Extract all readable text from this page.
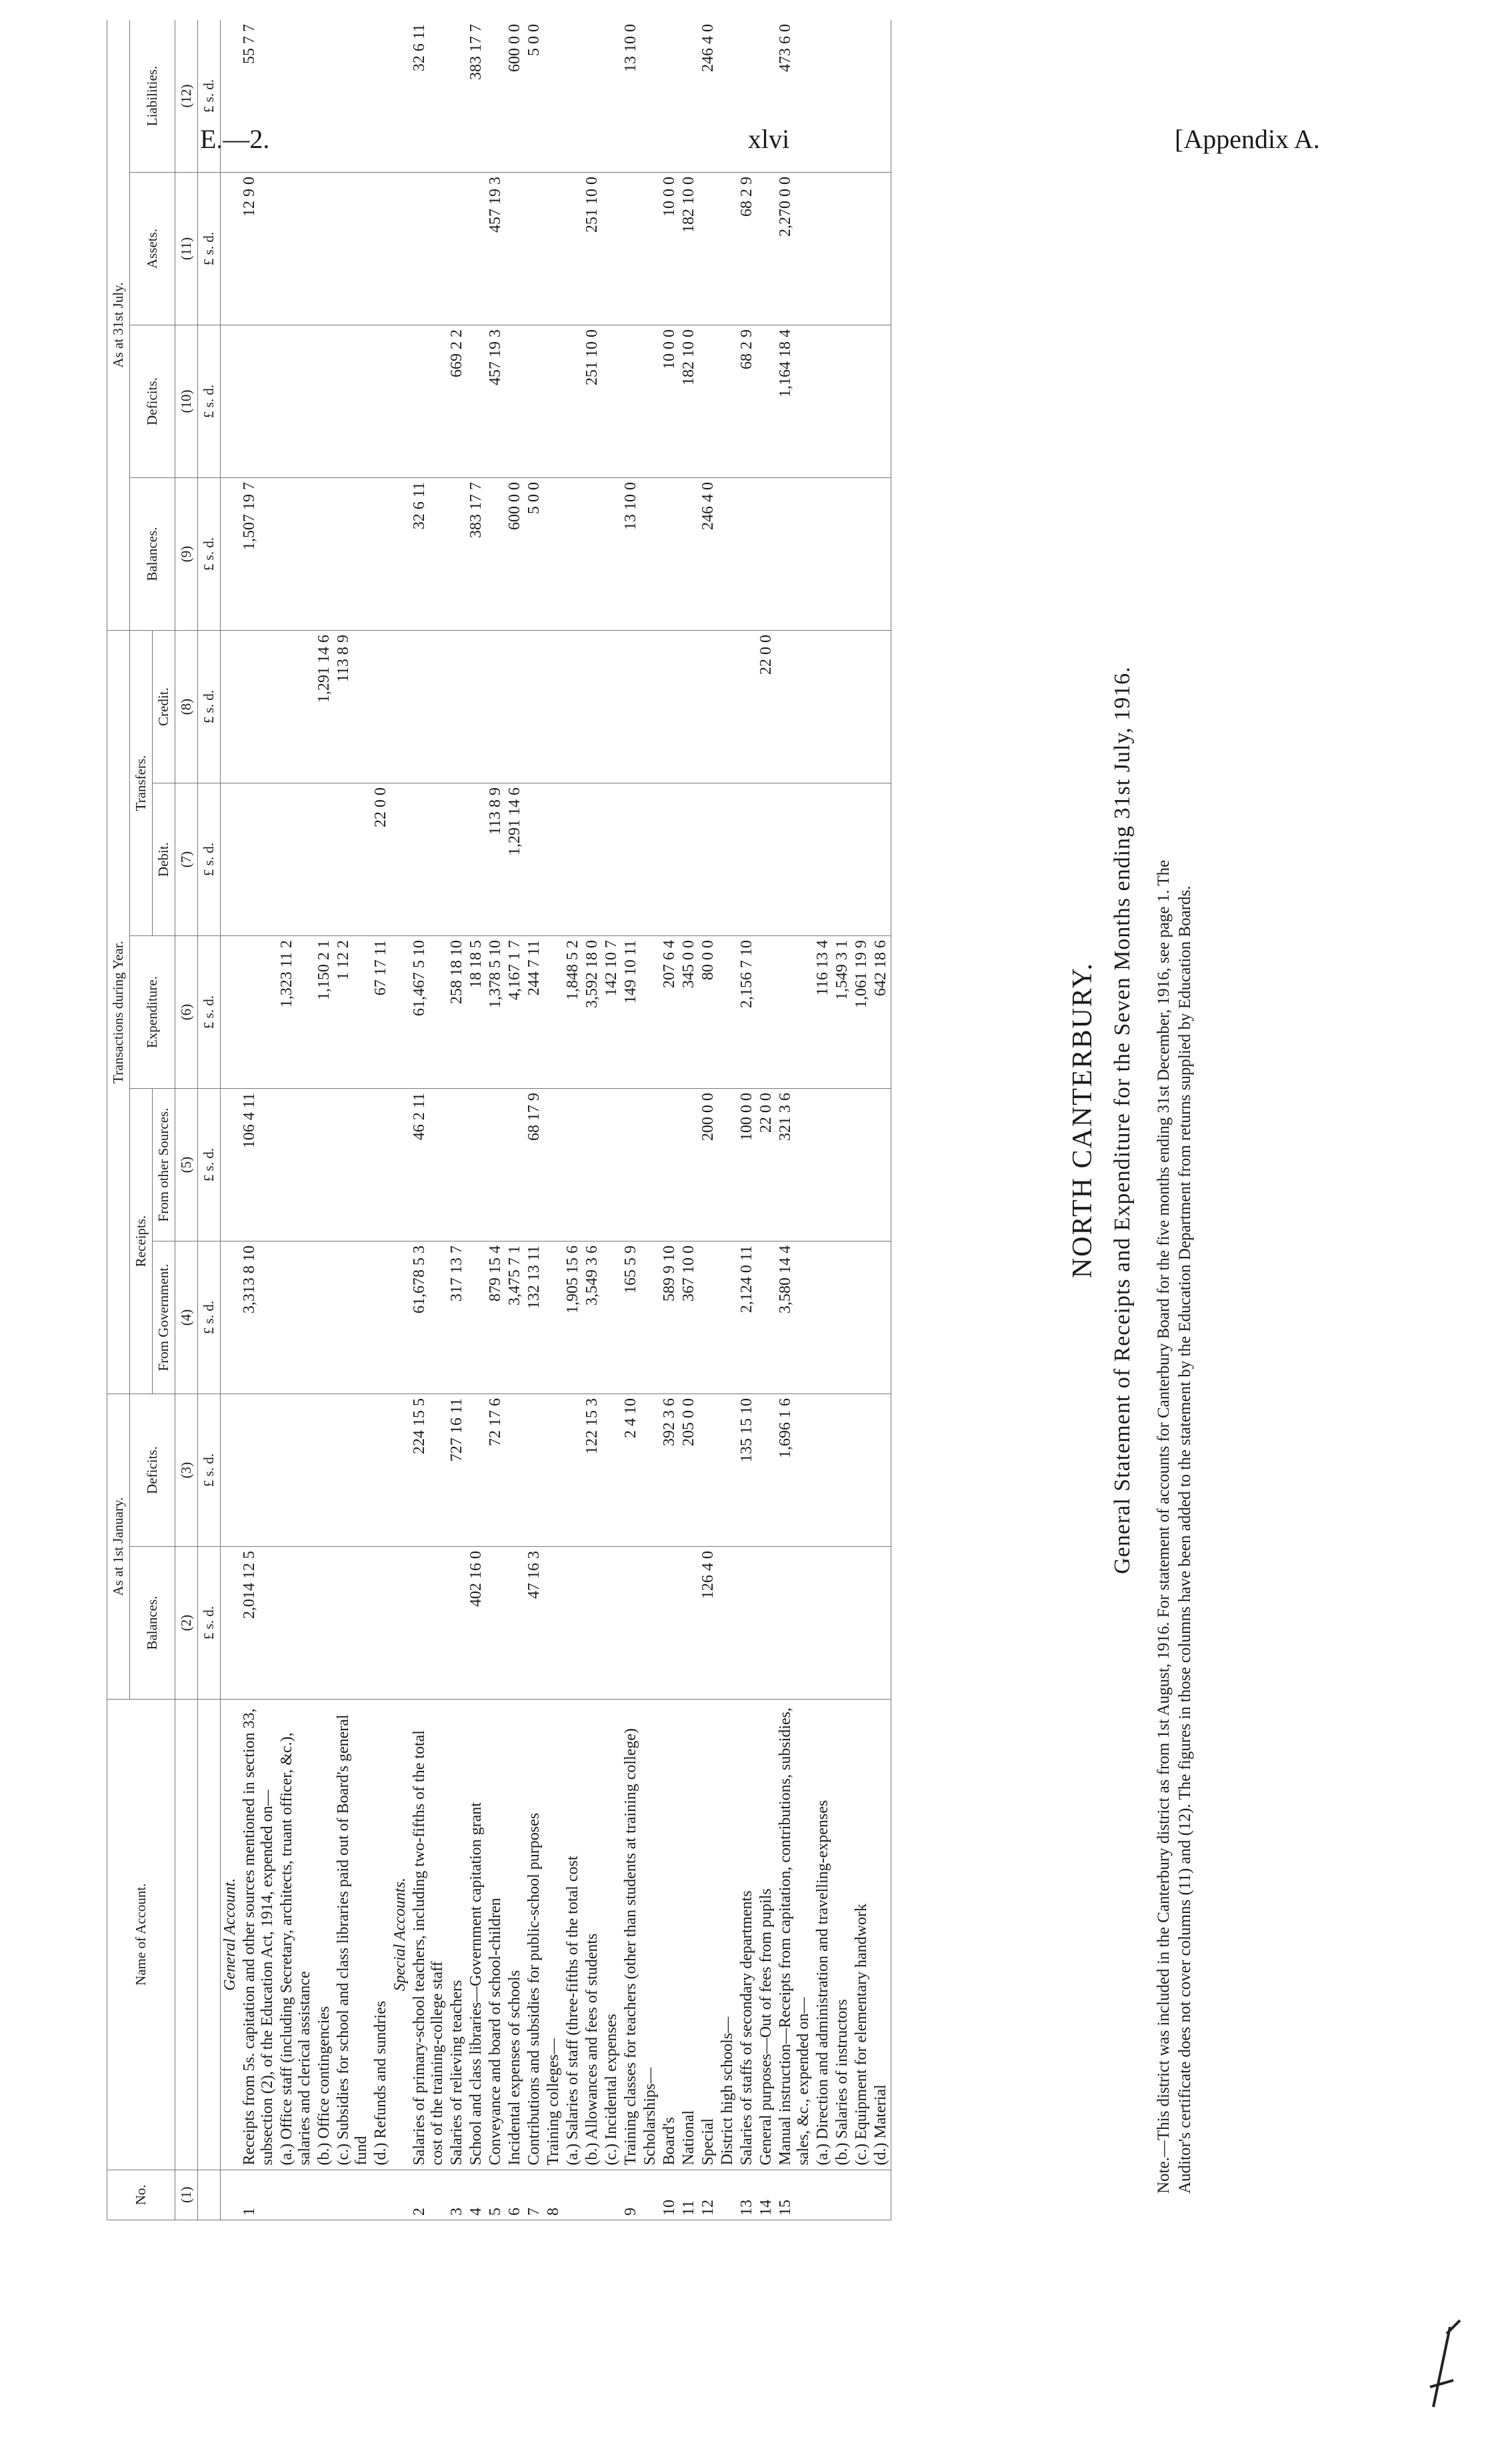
E.—2.	xlvi	[Appendix A.
No.	Name of Account.	As at 1st January.		Transactions during Year.					As at 31st July.			
		Balances.	Deficits.	Receipts.		Expenditure.	Transfers.		Balances.	Deficits.	Assets.	Liabilities.
				From Government.	From other Sources.		Debit.	Credit.				
(1)		(2)	(3)	(4)	(5)	(6)	(7)	(8)	(9)	(10)	(11)	(12)
		£ s. d.	£ s. d.	£ s. d.	£ s. d.	£ s. d.	£ s. d.	£ s. d.	£ s. d.	£ s. d.	£ s. d.	£ s. d.
	General Account.											
1	Receipts from 5s. capitation and other sources mentioned in section 33, subsection (2), of the Education Act, 1914, expended on—	2,014 12 5		3,313 8 10	106 4 11				1,507 19 7		12 9 0	55 7 7
	(a.) Office staff (including Secretary, architects, truant officer, &c.), salaries and clerical assistance					1,323 11 2						
	(b.) Office contingencies					1,150 2 1		1,291 14 6				
	(c.) Subsidies for school and class libraries paid out of Board's general fund					1 12 2		113 8 9				
	(d.) Refunds and sundries					67 17 11	22 0 0					
	Special Accounts.											
2	Salaries of primary-school teachers, including two-fifths of the total cost of the training-college staff		224 15 5	61,678 5 3	46 2 11	61,467 5 10			32 6 11			32 6 11
3	Salaries of relieving teachers		727 16 11	317 13 7		258 18 10				669 2 2		
4	School and class libraries—Government capitation grant	402 16 0				18 18 5			383 17 7			383 17 7
5	Conveyance and board of school-children		72 17 6	879 15 4		1,378 5 10	113 8 9			457 19 3	457 19 3	
6	Incidental expenses of schools			3,475 7 1		4,167 1 7	1,291 14 6		600 0 0			600 0 0
7	Contributions and subsidies for public-school purposes	47 16 3		132 13 11	68 17 9	244 7 11			5 0 0			5 0 0
8	Training colleges—											
	(a.) Salaries of staff (three-fifths of the total cost			1,905 15 6		1,848 5 2						
	(b.) Allowances and fees of students		122 15 3	3,549 3 6		3,592 18 0				251 10 0	251 10 0	
	(c.) Incidental expenses					142 10 7						
9	Training classes for teachers (other than students at training college)		2 4 10	165 5 9		149 10 11			13 10 0			13 10 0
	Scholarships—											
10	Board's		392 3 6	589 9 10		207 6 4				10 0 0	10 0 0	
11	National		205 0 0	367 10 0		345 0 0				182 10 0	182 10 0	
12	Special	126 4 0			200 0 0	80 0 0			246 4 0			246 4 0
	District high schools—											
13	Salaries of staffs of secondary departments		135 15 10	2,124 0 11	100 0 0	2,156 7 10				68 2 9	68 2 9	
14	General purposes—Out of fees from pupils				22 0 0			22 0 0				
15	Manual instruction—Receipts from capitation, contributions, subsidies, sales, &c., expended on—		1,696 1 6	3,580 14 4	321 3 6					1,164 18 4	2,270 0 0	473 6 0
	(a.) Direction and administration and travelling-expenses					116 13 4						
	(b.) Salaries of instructors					1,549 3 1						
	(c.) Equipment for elementary handwork					1,061 19 9						
	(d.) Material					642 18 6							NORTH CANTERBURY. General Statement of Receipts and Expenditure for the Seven Months ending 31st July, 1916. Note.—This district was included in the Canterbury district as from 1st August, 1916. For statement of accounts for Canterbury Board for the five months ending 31st December, 1916, see page 1. The Auditor's certificate does not cover columns (11) and (12). The figures in those columns have been added to the statement by the Education Department from returns supplied by Education Boards.
